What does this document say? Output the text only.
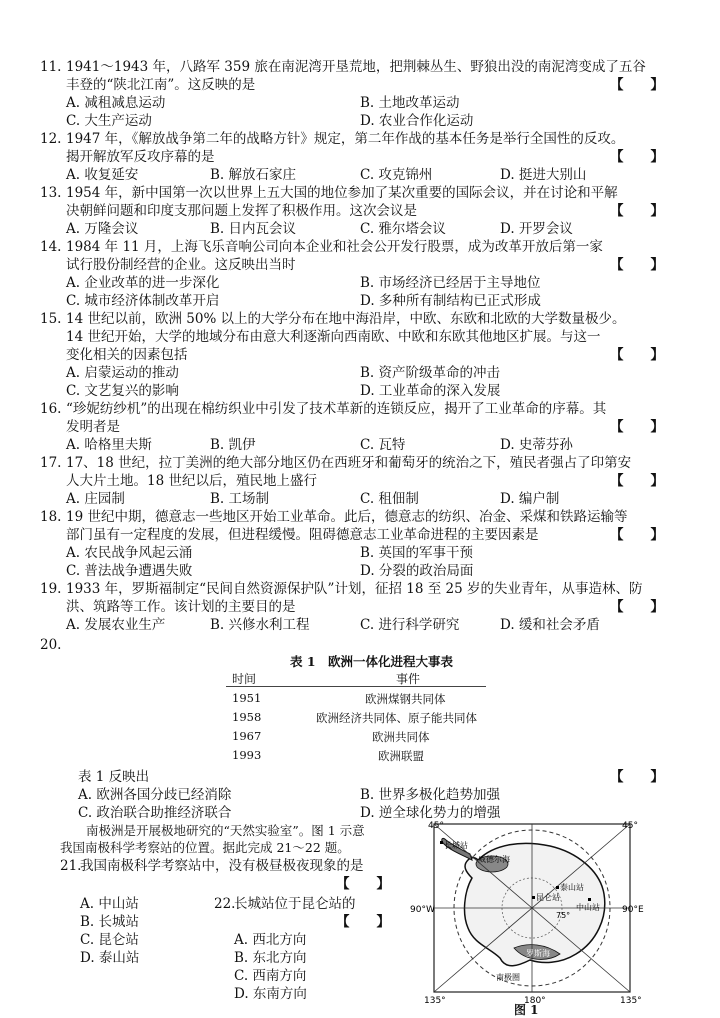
11. 1941～1943 年，八路军 359 旅在南泥湾开垦荒地，把荆棘丛生、野狼出没的南泥湾变成了五谷
丰登的“陕北江南”。这反映的是	【　　】
A. 减租减息运动	B. 土地改革运动
C. 大生产运动	D. 农业合作化运动
12. 1947 年，《解放战争第二年的战略方针》规定，第二年作战的基本任务是举行全国性的反攻。
揭开解放军反攻序幕的是	【　　】
A. 收复延安	B. 解放石家庄	C. 攻克锦州	D. 挺进大别山
13. 1954 年，新中国第一次以世界上五大国的地位参加了某次重要的国际会议，并在讨论和平解
决朝鲜问题和印度支那问题上发挥了积极作用。这次会议是	【　　】
A. 万隆会议	B. 日内瓦会议	C. 雅尔塔会议	D. 开罗会议
14. 1984 年 11 月，上海飞乐音响公司向本企业和社会公开发行股票，成为改革开放后第一家
试行股份制经营的企业。这反映出当时	【　　】
A. 企业改革的进一步深化	B. 市场经济已经居于主导地位
C. 城市经济体制改革开启	D. 多种所有制结构已正式形成
15. 14 世纪以前，欧洲 50% 以上的大学分布在地中海沿岸，中欧、东欧和北欧的大学数量极少。
14 世纪开始，大学的地域分布由意大利逐渐向西南欧、中欧和东欧其他地区扩展。与这一
变化相关的因素包括	【　　】
A. 启蒙运动的推动	B. 资产阶级革命的冲击
C. 文艺复兴的影响	D. 工业革命的深入发展
16. “珍妮纺纱机”的出现在棉纺织业中引发了技术革新的连锁反应，揭开了工业革命的序幕。其
发明者是	【　　】
A. 哈格里夫斯	B. 凯伊	C. 瓦特	D. 史蒂芬孙
17. 17、18 世纪，拉丁美洲的绝大部分地区仍在西班牙和葡萄牙的统治之下，殖民者强占了印第安
人大片土地。18 世纪以后，殖民地上盛行	【　　】
A. 庄园制	B. 工场制	C. 租佃制	D. 编户制
18. 19 世纪中期，德意志一些地区开始工业革命。此后，德意志的纺织、冶金、采煤和铁路运输等
部门虽有一定程度的发展，但进程缓慢。阻碍德意志工业革命进程的主要因素是	【　　】
A. 农民战争风起云涌	B. 英国的军事干预
C. 普法战争遭遇失败	D. 分裂的政治局面
19. 1933 年，罗斯福制定“民间自然资源保护队”计划，征招 18 至 25 岁的失业青年，从事造林、防
洪、筑路等工作。该计划的主要目的是	【　　】
A. 发展农业生产	B. 兴修水利工程	C. 进行科学研究	D. 缓和社会矛盾
20.
表 1　欧洲一体化进程大事表
时间	事件
1951	欧洲煤钢共同体
1958	欧洲经济共同体、原子能共同体
1967	欧洲共同体
1993	欧洲联盟
表 1 反映出	【　　】
A. 欧洲各国分歧已经消除	B. 世界多极化趋势加强
C. 政治联合助推经济联合	D. 逆全球化势力的增强
南极洲是开展极地研究的“天然实验室”。图 1 示意
我国南极科学考察站的位置。据此完成 21～22 题。
21.
我国南极科学考察站中，没有极昼极夜现象的是
【　　】
A. 中山站
B. 长城站
C. 昆仑站
D. 泰山站
22.
长城站位于昆仑站的
【　　】
A. 西北方向
B. 东北方向
C. 西南方向
D. 东南方向
45°	45°
90°W	90°E
135°	180°	135°
75°
长城站
威德尔海
昆仑站
泰山站
中山站
罗斯海
南极圈
图 1
